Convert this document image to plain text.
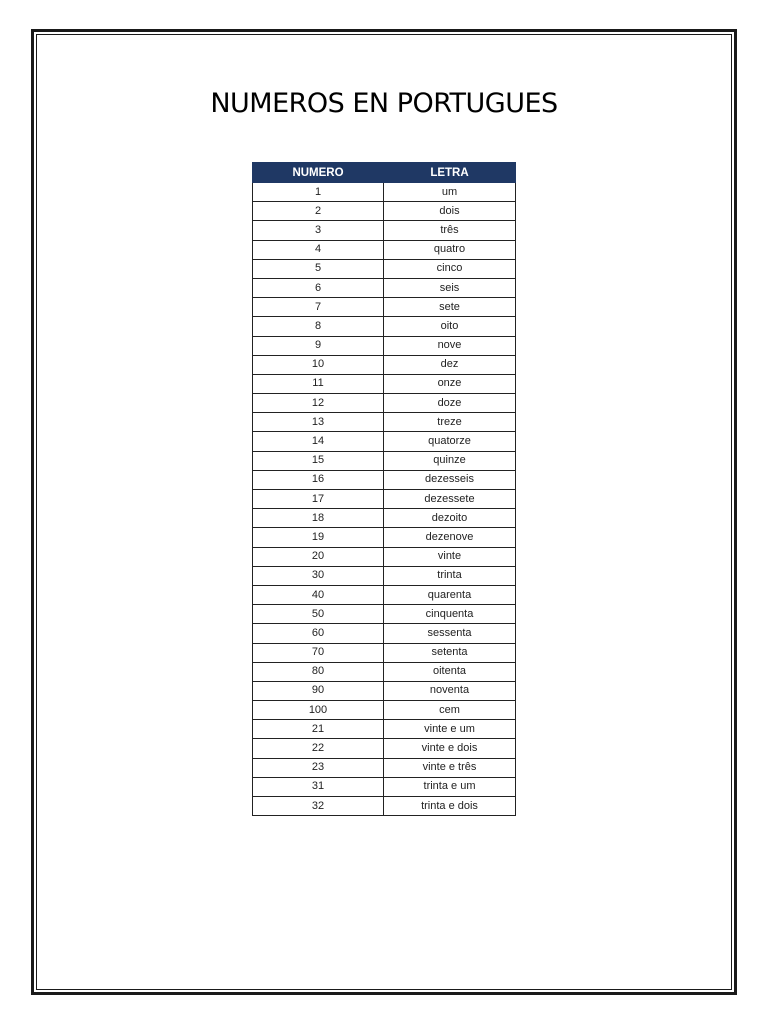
NUMEROS EN PORTUGUES
NUMERO	LETRA
1	um
2	dois
3	três
4	quatro
5	cinco
6	seis
7	sete
8	oito
9	nove
10	dez
11	onze
12	doze
13	treze
14	quatorze
15	quinze
16	dezesseis
17	dezessete
18	dezoito
19	dezenove
20	vinte
30	trinta
40	quarenta
50	cinquenta
60	sessenta
70	setenta
80	oitenta
90	noventa
100	cem
21	vinte e um
22	vinte e dois
23	vinte e três
31	trinta e um
32	trinta e dois
